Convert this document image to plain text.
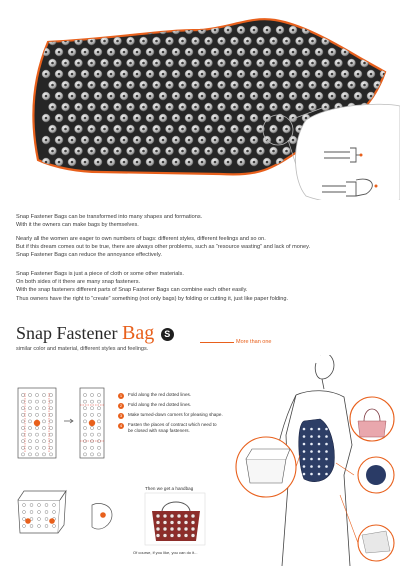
Snap Fastener Bags can be transformed into many shapes and formations.

With it the owners can make bags by themselves.

Nearly all the women are eager to own numbers of bags: different styles, different feelings and so on.

But if this dream comes out to be true, there are always other problems, such as “resource wasting” and lack of money.

Snap Fastener Bags can reduce the annoyance effectively.

Snap Fastener Bags is just a piece of cloth or some other materials.

On both sides of it there are many snap fasteners.

With the snap fasteners different parts of Snap Fastener Bags can combine each other easily.

Thus owners have the right to “create” something (not only bags) by folding or cutting it, just like paper folding.

Snap Fastener Bag S
More than one
similar color and material, different styles and feelings.
1 Fold along the red dotted lines.
2 Fold along the red dotted lines.
3 Make turned-down corners for pleasing shape.
4 Fasten the places of contract which need to
be closed with snap fasteners.
Then we get a handbag
Of course, if you like, you can do it...
